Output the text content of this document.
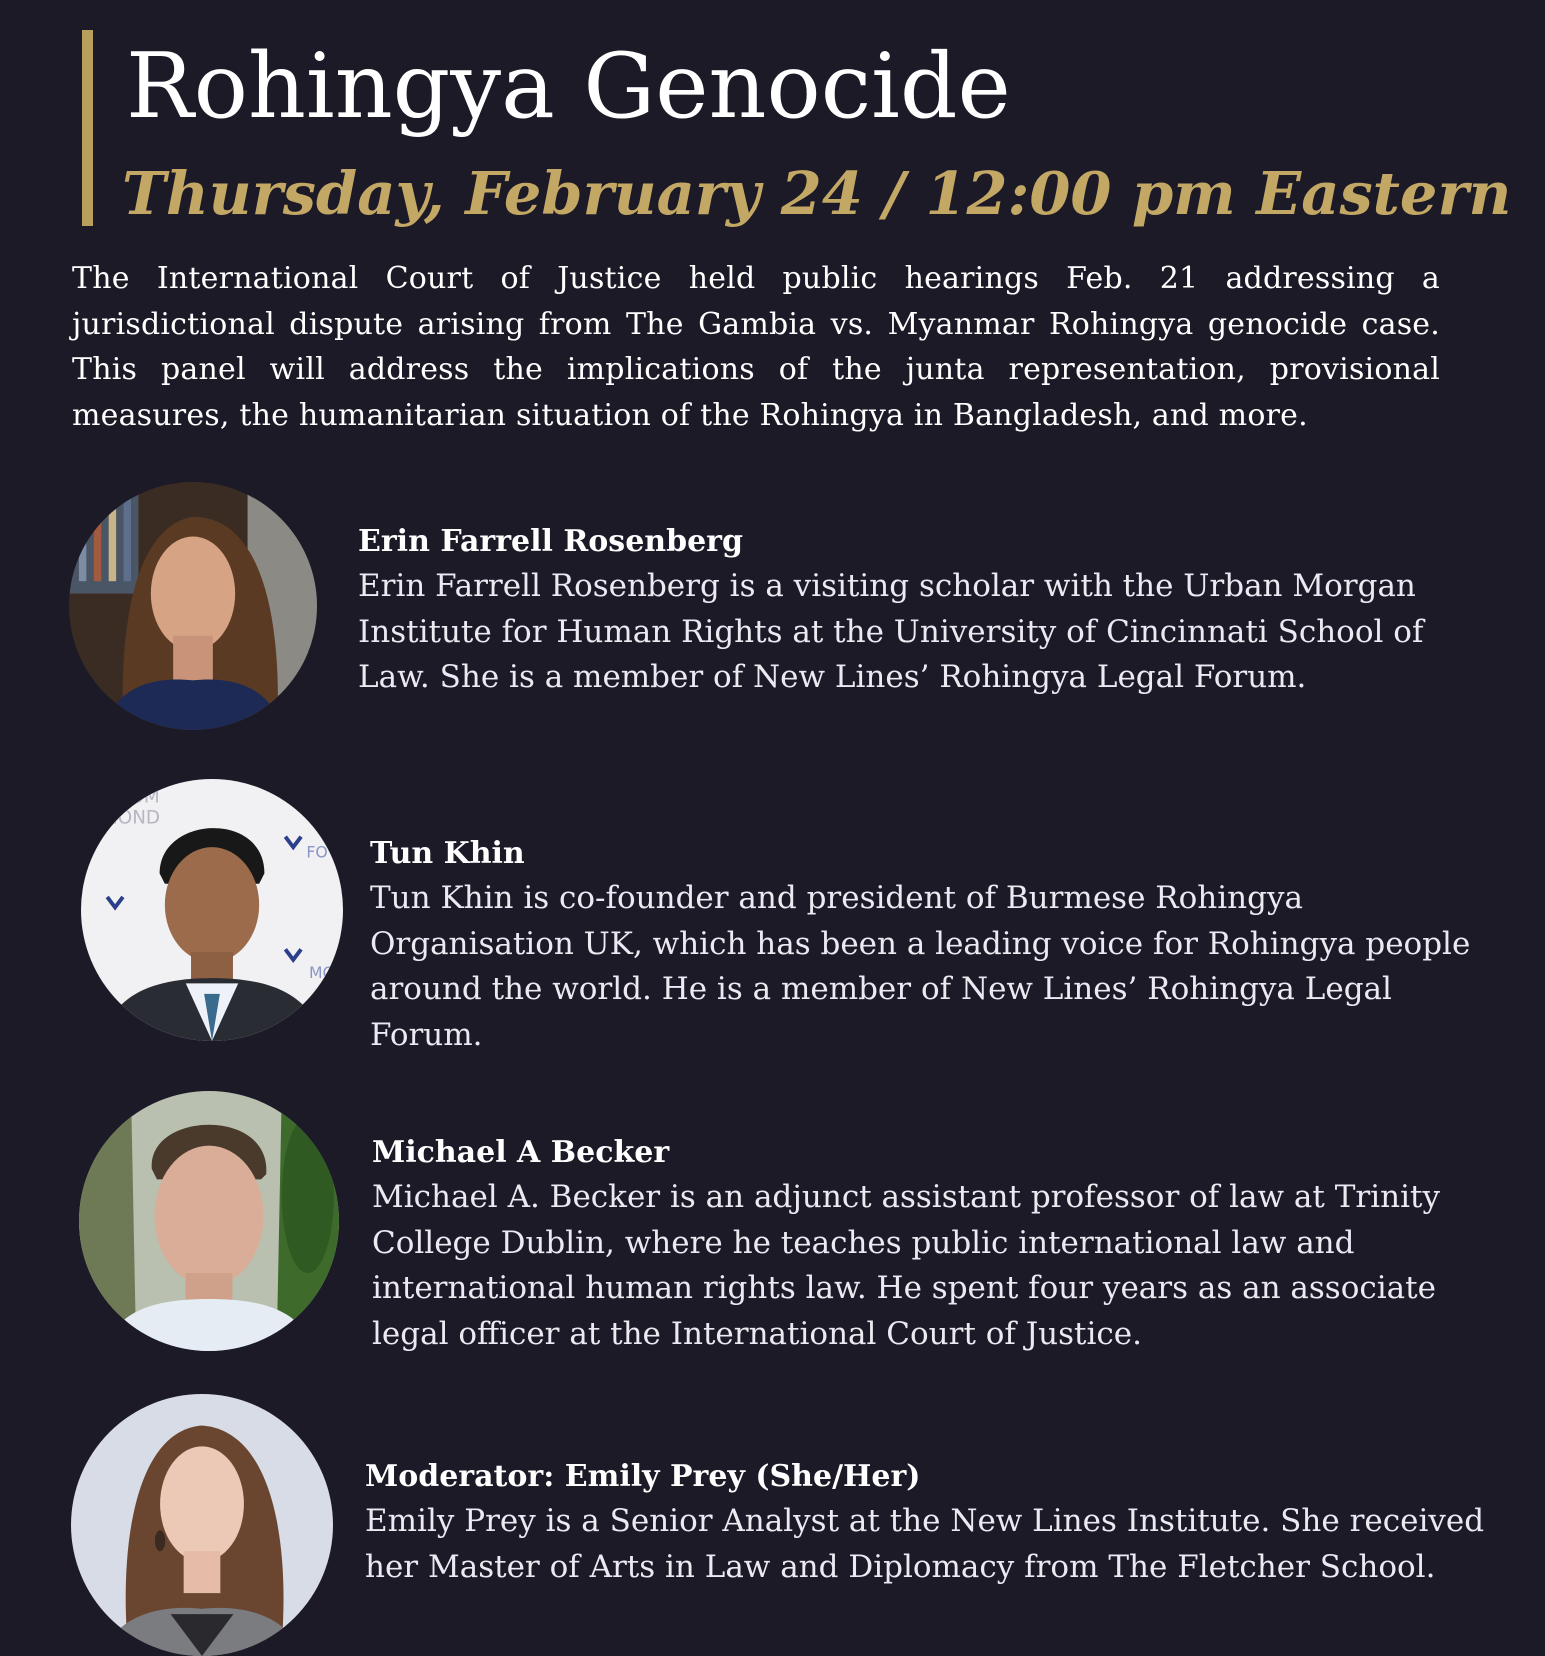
Rohingya Genocide
Thursday, February 24 / 12:00 pm Eastern

The International Court of Justice held public hearings Feb. 21 addressing a jurisdictional dispute arising from The Gambia vs. Myanmar Rohingya genocide case. This panel will address the implications of the junta representation, provisional measures, the humanitarian situation of the Rohingya in Bangladesh, and more.

Erin Farrell Rosenberg

Erin Farrell Rosenberg is a visiting scholar with the Urban Morgan Institute for Human Rights at the University of Cincinnati School of Law. She is a member of New Lines’ Rohingya Legal Forum.

RUM
MOND
FO
MO

Tun Khin

Tun Khin is co-founder and president of Burmese Rohingya Organisation UK, which has been a leading voice for Rohingya people around the world. He is a member of New Lines’ Rohingya Legal Forum.

Michael A Becker

Michael A. Becker is an adjunct assistant professor of law at Trinity College Dublin, where he teaches public international law and international human rights law. He spent four years as an associate legal officer at the International Court of Justice.

Moderator: Emily Prey (She/Her)

Emily Prey is a Senior Analyst at the New Lines Institute. She received her Master of Arts in Law and Diplomacy from The Fletcher School.
